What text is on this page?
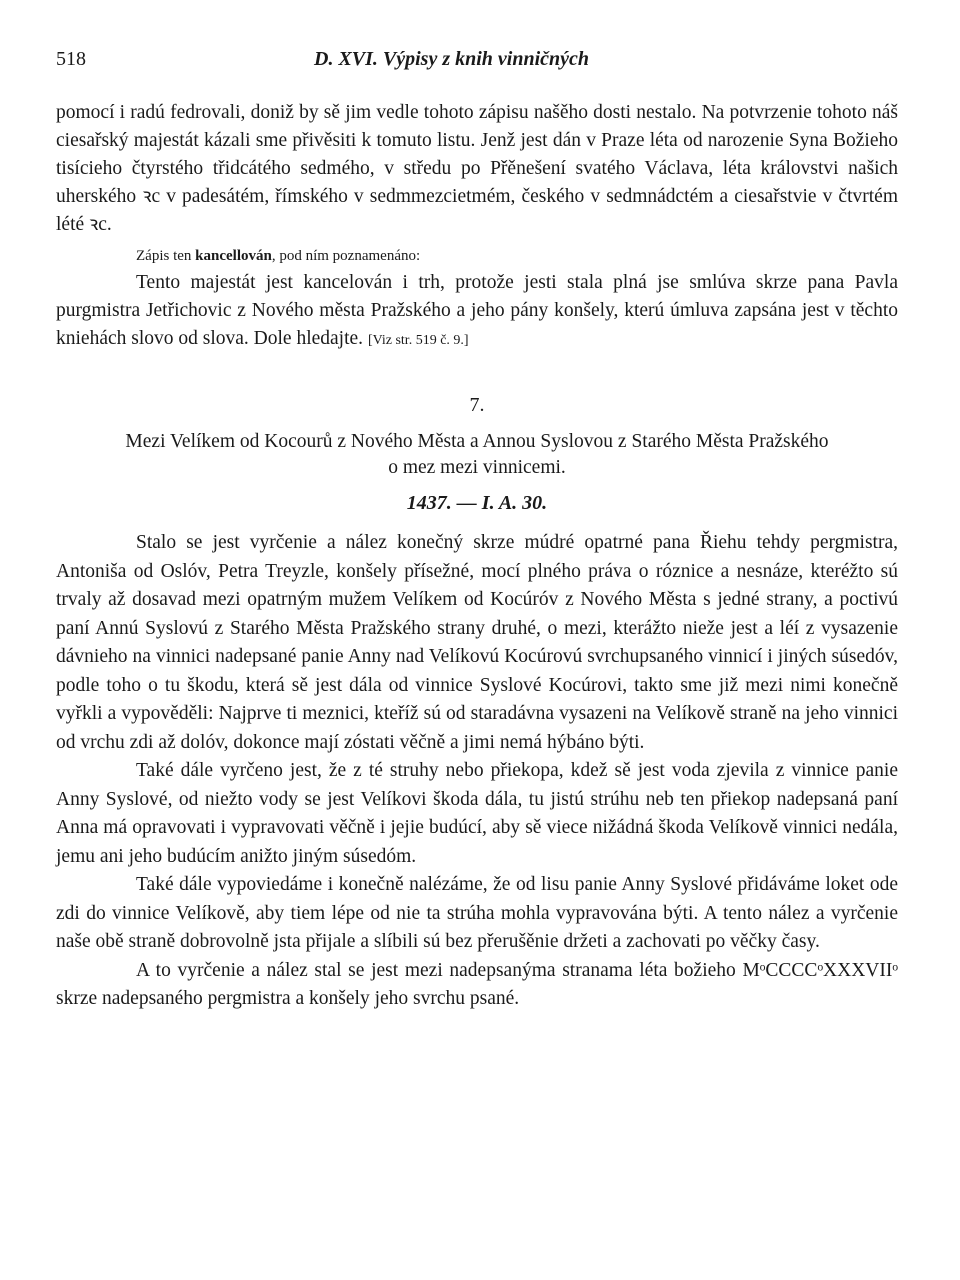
518	D. XVI. Výpisy z knih vinničných

pomocí i radú fedrovali, doniž by sě jim vedle tohoto zápisu našěho dosti nestalo. Na potvrzenie tohoto náš ciesařský majestát kázali sme přivěsiti k tomuto listu. Jenž jest dán v Praze léta od narozenie Syna Božieho tisícieho čtyrstého třidcátého sedmého, v středu po Přěnešení svatého Václava, léta královstvi našich uherského ꝛc v padesátém, římského v sedmmezcietmém, českého v sedmnádctém a ciesařstvie v čtvrtém lété ꝛc.

Zápis ten kancellován, pod ním poznamenáno:

Tento majestát jest kancelován i trh, protože jesti stala plná jse smlúva skrze pana Pavla purgmistra Jetřichovic z Nového města Pražského a jeho pány konšely, kterú úmluva zapsána jest v těchto kniehách slovo od slova. Dole hledajte. [Viz str. 519 č. 9.]

7.
Mezi Velíkem od Kocourů z Nového Města a Annou Syslovou z Starého Města Pražského
o mez mezi vinnicemi.
1437. — I. A. 30.

Stalo se jest vyrčenie a nález konečný skrze múdré opatrné pana Řiehu tehdy pergmistra, Antoniša od Oslóv, Petra Treyzle, konšely přísežné, mocí plného práva o róznice a nesnáze, kteréžto sú trvaly až dosavad mezi opatrným mužem Velíkem od Kocúróv z Nového Města s jedné strany, a poctivú paní Annú Syslovú z Starého Města Pražského strany druhé, o mezi, kterážto nieže jest a léí z vysazenie dávnieho na vinnici nadepsané panie Anny nad Velíkovú Kocúrovú svrchupsaného vinnicí i jiných súsedóv, podle toho o tu škodu, která sě jest dála od vinnice Syslové Kocúrovi, takto sme již mezi nimi konečně vyřkli a vypověděli: Najprve ti meznici, kteříž sú od staradávna vysazeni na Velíkově straně na jeho vinnici od vrchu zdi až dolóv, dokonce mají zóstati věčně a jimi nemá hýbáno býti.

Také dále vyrčeno jest, že z té struhy nebo přiekopa, kdež sě jest voda zjevila z vinnice panie Anny Syslové, od niežto vody se jest Velíkovi škoda dála, tu jistú strúhu neb ten přiekop nadepsaná paní Anna má opravovati i vypravovati věčně i jejie budúcí, aby sě viece nižádná škoda Velíkově vinnici nedála, jemu ani jeho budúcím anižto jiným súsedóm.

Také dále vypoviedáme i konečně nalézáme, že od lisu panie Anny Syslové přidáváme loket ode zdi do vinnice Velíkově, aby tiem lépe od nie ta strúha mohla vypravována býti. A tento nález a vyrčenie naše obě straně dobrovolně jsta přijale a slíbili sú bez přerušěnie držeti a zachovati po věčky časy.

A to vyrčenie a nález stal se jest mezi nadepsanýma stranama léta božieho MᵒCCCCᵒXXXVIIᵒ skrze nadepsaného pergmistra a konšely jeho svrchu psané.
